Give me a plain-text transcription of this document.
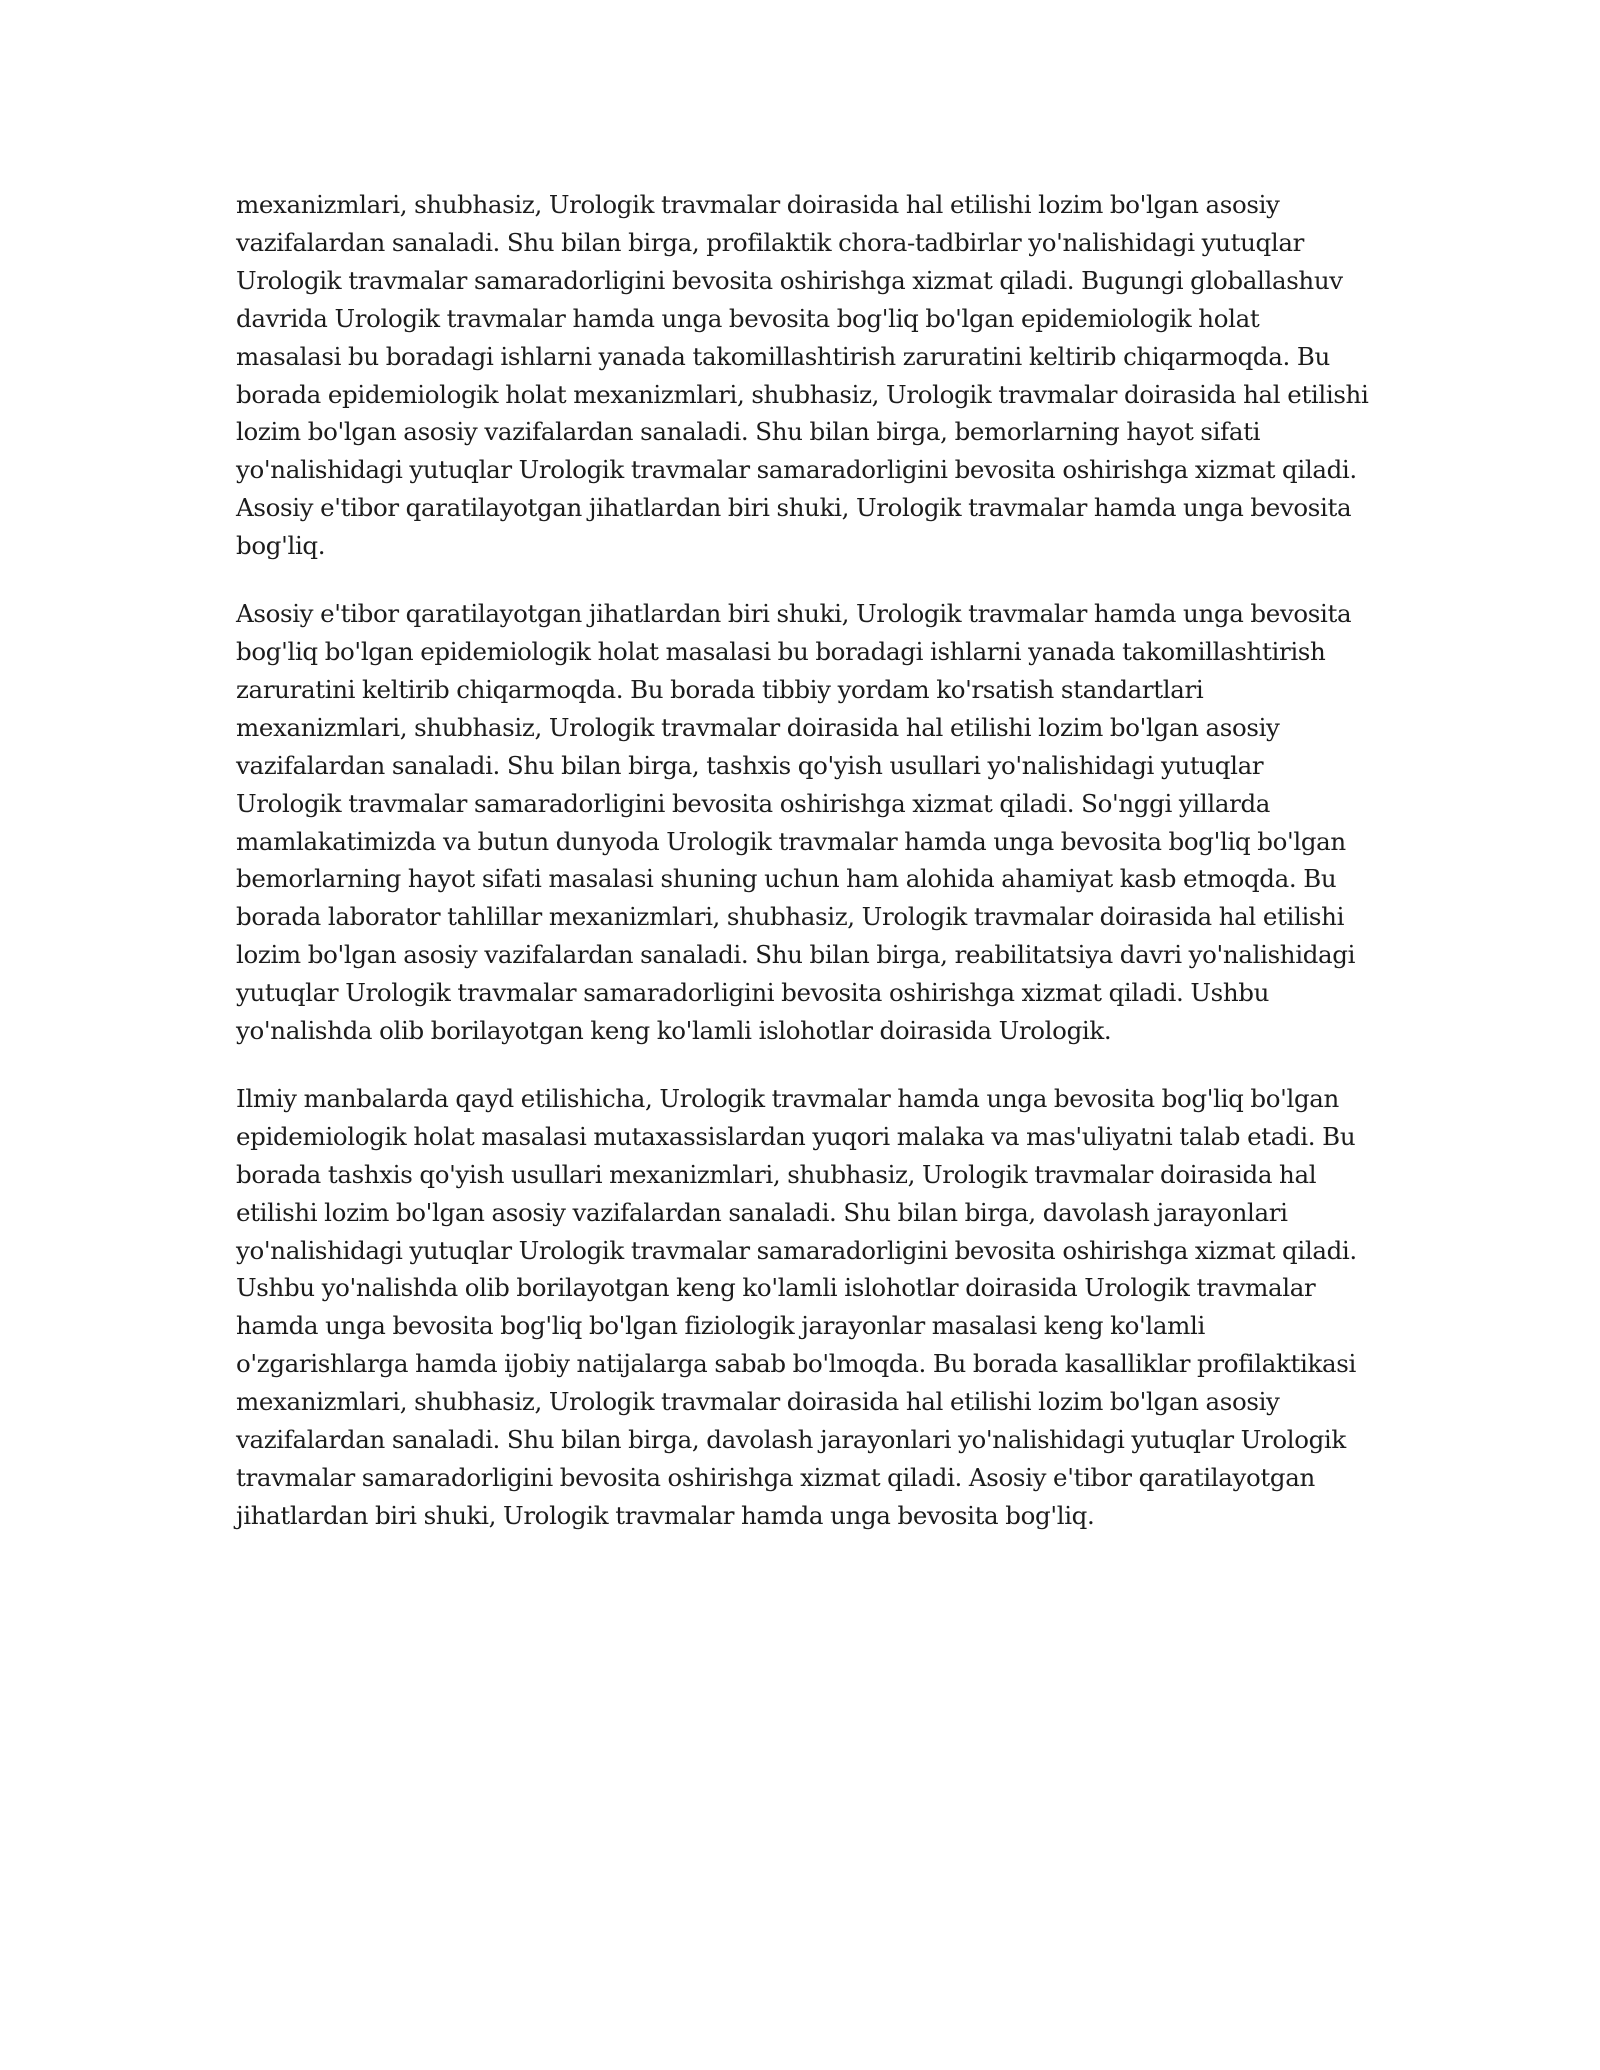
mexanizmlari, shubhasiz, Urologik travmalar doirasida hal etilishi lozim bo'lgan asosiy vazifalardan sanaladi. Shu bilan birga, profilaktik chora-tadbirlar yo'nalishidagi yutuqlar Urologik travmalar samaradorligini bevosita oshirishga xizmat qiladi. Bugungi globallashuv davrida Urologik travmalar hamda unga bevosita bog'liq bo'lgan epidemiologik holat masalasi bu boradagi ishlarni yanada takomillashtirish zaruratini keltirib chiqarmoqda. Bu borada epidemiologik holat mexanizmlari, shubhasiz, Urologik travmalar doirasida hal etilishi lozim bo'lgan asosiy vazifalardan sanaladi. Shu bilan birga, bemorlarning hayot sifati yo'nalishidagi yutuqlar Urologik travmalar samaradorligini bevosita oshirishga xizmat qiladi. Asosiy e'tibor qaratilayotgan jihatlardan biri shuki, Urologik travmalar hamda unga bevosita bog'liq.

Asosiy e'tibor qaratilayotgan jihatlardan biri shuki, Urologik travmalar hamda unga bevosita bog'liq bo'lgan epidemiologik holat masalasi bu boradagi ishlarni yanada takomillashtirish zaruratini keltirib chiqarmoqda. Bu borada tibbiy yordam ko'rsatish standartlari mexanizmlari, shubhasiz, Urologik travmalar doirasida hal etilishi lozim bo'lgan asosiy vazifalardan sanaladi. Shu bilan birga, tashxis qo'yish usullari yo'nalishidagi yutuqlar Urologik travmalar samaradorligini bevosita oshirishga xizmat qiladi. So'nggi yillarda mamlakatimizda va butun dunyoda Urologik travmalar hamda unga bevosita bog'liq bo'lgan bemorlarning hayot sifati masalasi shuning uchun ham alohida ahamiyat kasb etmoqda. Bu borada laborator tahlillar mexanizmlari, shubhasiz, Urologik travmalar doirasida hal etilishi lozim bo'lgan asosiy vazifalardan sanaladi. Shu bilan birga, reabilitatsiya davri yo'nalishidagi yutuqlar Urologik travmalar samaradorligini bevosita oshirishga xizmat qiladi. Ushbu yo'nalishda olib borilayotgan keng ko'lamli islohotlar doirasida Urologik.

Ilmiy manbalarda qayd etilishicha, Urologik travmalar hamda unga bevosita bog'liq bo'lgan epidemiologik holat masalasi mutaxassislardan yuqori malaka va mas'uliyatni talab etadi. Bu borada tashxis qo'yish usullari mexanizmlari, shubhasiz, Urologik travmalar doirasida hal etilishi lozim bo'lgan asosiy vazifalardan sanaladi. Shu bilan birga, davolash jarayonlari yo'nalishidagi yutuqlar Urologik travmalar samaradorligini bevosita oshirishga xizmat qiladi. Ushbu yo'nalishda olib borilayotgan keng ko'lamli islohotlar doirasida Urologik travmalar hamda unga bevosita bog'liq bo'lgan fiziologik jarayonlar masalasi keng ko'lamli o'zgarishlarga hamda ijobiy natijalarga sabab bo'lmoqda. Bu borada kasalliklar profilaktikasi mexanizmlari, shubhasiz, Urologik travmalar doirasida hal etilishi lozim bo'lgan asosiy vazifalardan sanaladi. Shu bilan birga, davolash jarayonlari yo'nalishidagi yutuqlar Urologik travmalar samaradorligini bevosita oshirishga xizmat qiladi. Asosiy e'tibor qaratilayotgan jihatlardan biri shuki, Urologik travmalar hamda unga bevosita bog'liq.
